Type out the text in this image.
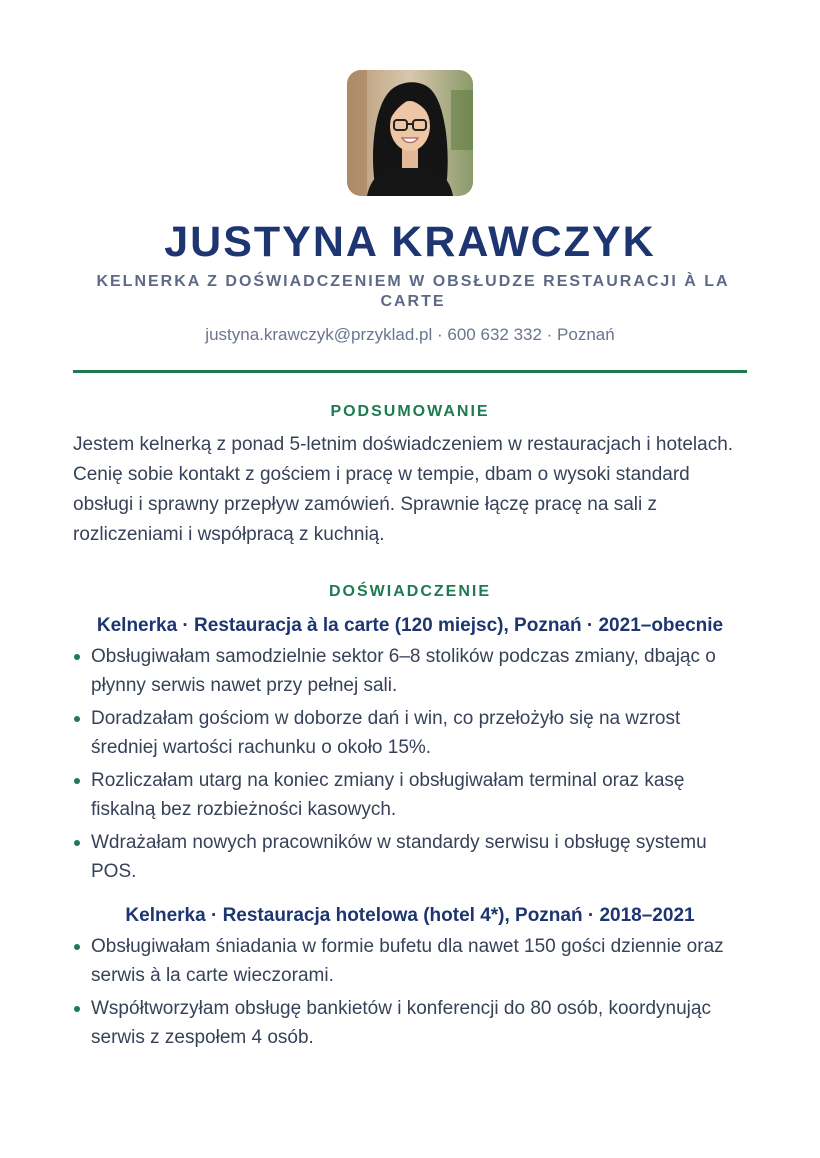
JUSTYNA KRAWCZYK
KELNERKA Z DOŚWIADCZENIEM W OBSŁUDZE RESTAURACJI À LA CARTE
justyna.krawczyk@przyklad.pl · 600 632 332 · Poznań
PODSUMOWANIE

Jestem kelnerką z ponad 5-letnim doświadczeniem w restauracjach i hotelach. Cenię sobie kontakt z gościem i pracę w tempie, dbam o wysoki standard obsługi i sprawny przepływ zamówień. Sprawnie łączę pracę na sali z rozliczeniami i współpracą z kuchnią.

DOŚWIADCZENIE
Kelnerka · Restauracja à la carte (120 miejsc), Poznań · 2021–obecnie
Obsługiwałam samodzielnie sektor 6–8 stolików podczas zmiany, dbając o płynny serwis nawet przy pełnej sali.
Doradzałam gościom w doborze dań i win, co przełożyło się na wzrost średniej wartości rachunku o około 15%.
Rozliczałam utarg na koniec zmiany i obsługiwałam terminal oraz kasę fiskalną bez rozbieżności kasowych.
Wdrażałam nowych pracowników w standardy serwisu i obsługę systemu POS.
Kelnerka · Restauracja hotelowa (hotel 4*), Poznań · 2018–2021
Obsługiwałam śniadania w formie bufetu dla nawet 150 gości dziennie oraz serwis à la carte wieczorami.
Współtworzyłam obsługę bankietów i konferencji do 80 osób, koordynując serwis z zespołem 4 osób.
